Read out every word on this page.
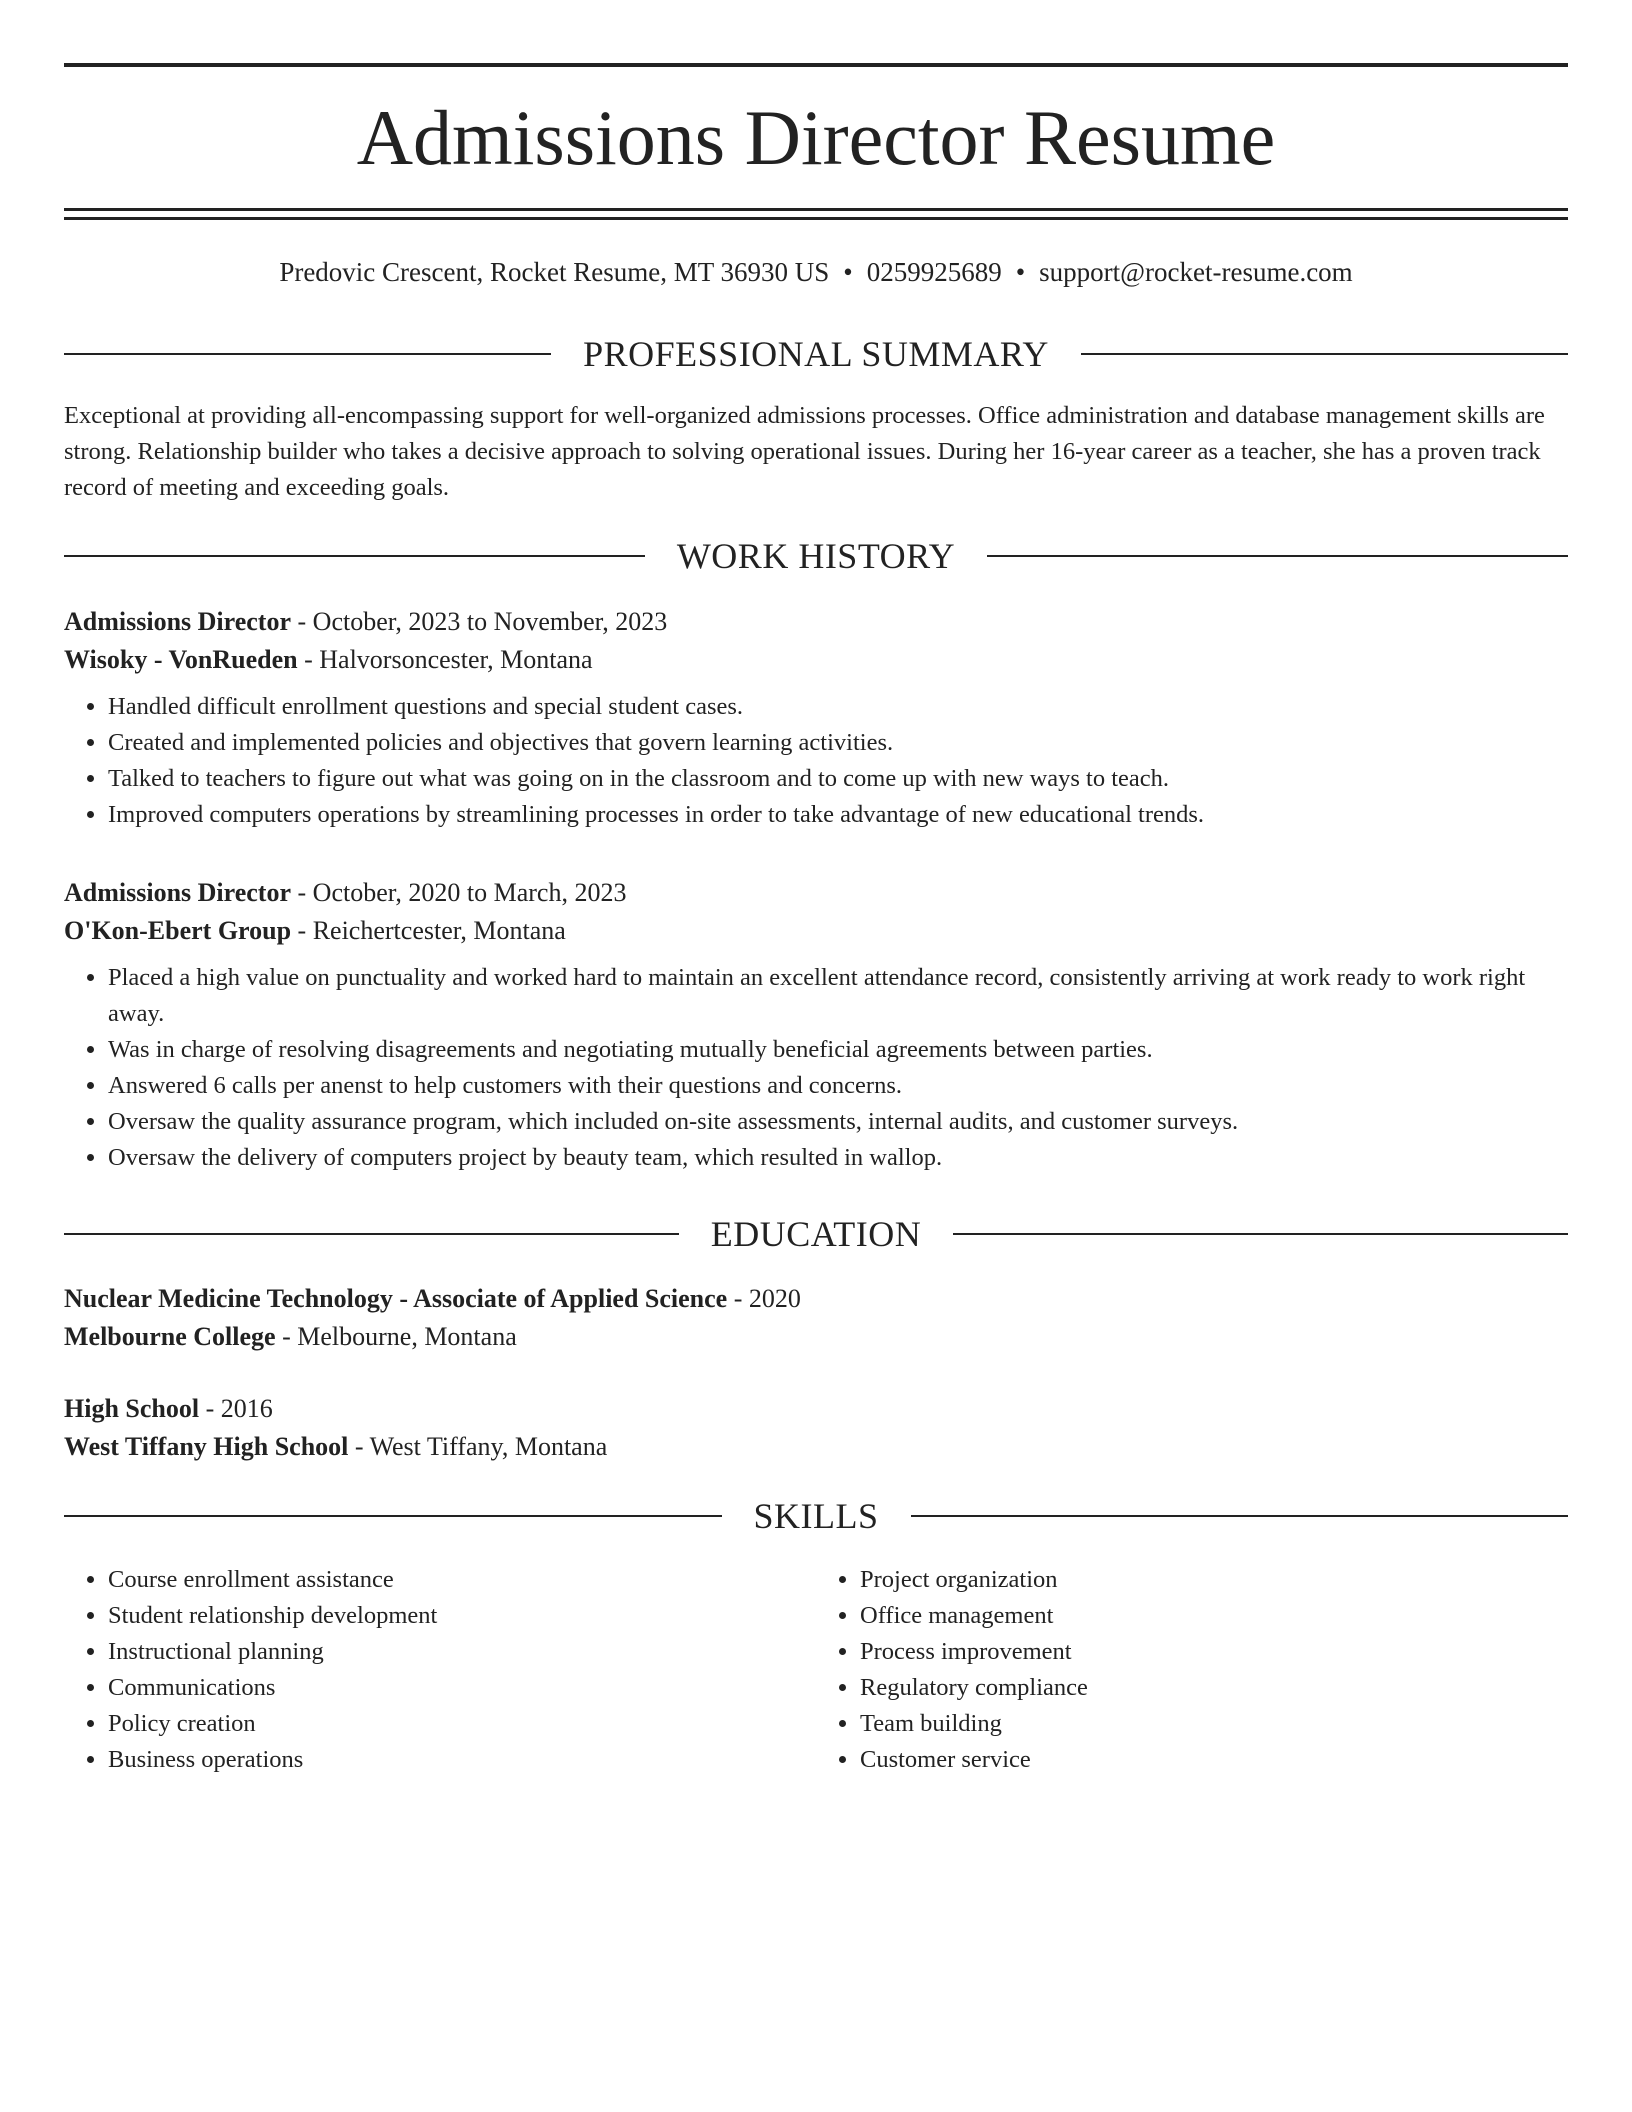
Admissions Director Resume
Predovic Crescent, Rocket Resume, MT 36930 US • 0259925689 • support@rocket-resume.com
PROFESSIONAL SUMMARY

Exceptional at providing all-encompassing support for well-organized admissions processes. Office administration and database management skills are strong. Relationship builder who takes a decisive approach to solving operational issues. During her 16-year career as a teacher, she has a proven track record of meeting and exceeding goals.

WORK HISTORY
Admissions Director - October, 2023 to November, 2023
Wisoky - VonRueden - Halvorsoncester, Montana
• Handled difficult enrollment questions and special student cases.
• Created and implemented policies and objectives that govern learning activities.
• Talked to teachers to figure out what was going on in the classroom and to come up with new ways to teach.
• Improved computers operations by streamlining processes in order to take advantage of new educational trends.
Admissions Director - October, 2020 to March, 2023
O'Kon-Ebert Group - Reichertcester, Montana
• Placed a high value on punctuality and worked hard to maintain an excellent attendance record, consistently arriving at work ready to work right away.
• Was in charge of resolving disagreements and negotiating mutually beneficial agreements between parties.
• Answered 6 calls per anenst to help customers with their questions and concerns.
• Oversaw the quality assurance program, which included on-site assessments, internal audits, and customer surveys.
• Oversaw the delivery of computers project by beauty team, which resulted in wallop.
EDUCATION
Nuclear Medicine Technology - Associate of Applied Science - 2020
Melbourne College - Melbourne, Montana
High School - 2016
West Tiffany High School - West Tiffany, Montana
SKILLS
• Course enrollment assistance
• Student relationship development
• Instructional planning
• Communications
• Policy creation
• Business operations
• Project organization
• Office management
• Process improvement
• Regulatory compliance
• Team building
• Customer service
